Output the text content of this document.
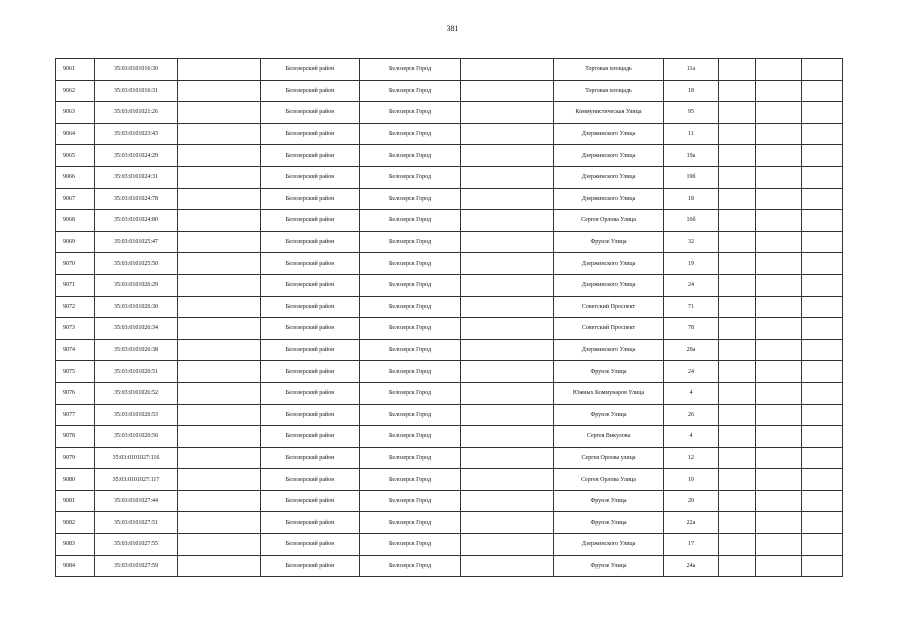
381
9061	35:03:0101016:30		Белозерский район	Белозерск Город		Торговая площадь	11а			
9062	35:03:0101016:31		Белозерский район	Белозерск Город		Торговая площадь	18			
9063	35:03:0101021:26		Белозерский район	Белозерск Город		Коммунистическая Улица	95			
9064	35:03:0101023:43		Белозерский район	Белозерск Город		Дзержинского Улица	11			
9065	35:03:0101024:29		Белозерский район	Белозерск Город		Дзержинского Улица	19а			
9066	35:03:0101024:31		Белозерский район	Белозерск Город		Дзержинского Улица	19б			
9067	35:03:0101024:78		Белозерский район	Белозерск Город		Дзержинского Улица	18			
9068	35:03:0101024:80		Белозерский район	Белозерск Город		Сергея Орлова Улица	16б			
9069	35:03:0101025:47		Белозерский район	Белозерск Город		Фрунзе Улица	32			
9070	35:03:0101025:50		Белозерский район	Белозерск Город		Дзержинского Улица	19			
9071	35:03:0101026:29		Белозерский район	Белозерск Город		Дзержинского Улица	24			
9072	35:03:0101026:30		Белозерский район	Белозерск Город		Советский Проспект	71			
9073	35:03:0101026:34		Белозерский район	Белозерск Город		Советский Проспект	78			
9074	35:03:0101026:38		Белозерский район	Белозерск Город		Дзержинского Улица	20а			
9075	35:03:0101026:51		Белозерский район	Белозерск Город		Фрунзе Улица	24			
9076	35:03:0101026:52		Белозерский район	Белозерск Город		Южных Коммунаров Улица	4			
9077	35:03:0101026:53		Белозерский район	Белозерск Город		Фрунзе Улица	26			
9078	35:03:0101026:56		Белозерский район	Белозерск Город		Сергея Викулова	4			
9079	35:03:0101027:116		Белозерский район	Белозерск Город		Сергея Орлова улица	12			
9080	35:03:0101027:117		Белозерский район	Белозерск Город		Сергея Орлова Улица	10			
9081	35:03:0101027:44		Белозерский район	Белозерск Город		Фрунзе Улица	20			
9082	35:03:0101027:51		Белозерский район	Белозерск Город		Фрунзе Улица	22а			
9083	35:03:0101027:55		Белозерский район	Белозерск Город		Дзержинского Улица	17			
9084	35:03:0101027:59		Белозерский район	Белозерск Город		Фрунзе Улица	24а			
